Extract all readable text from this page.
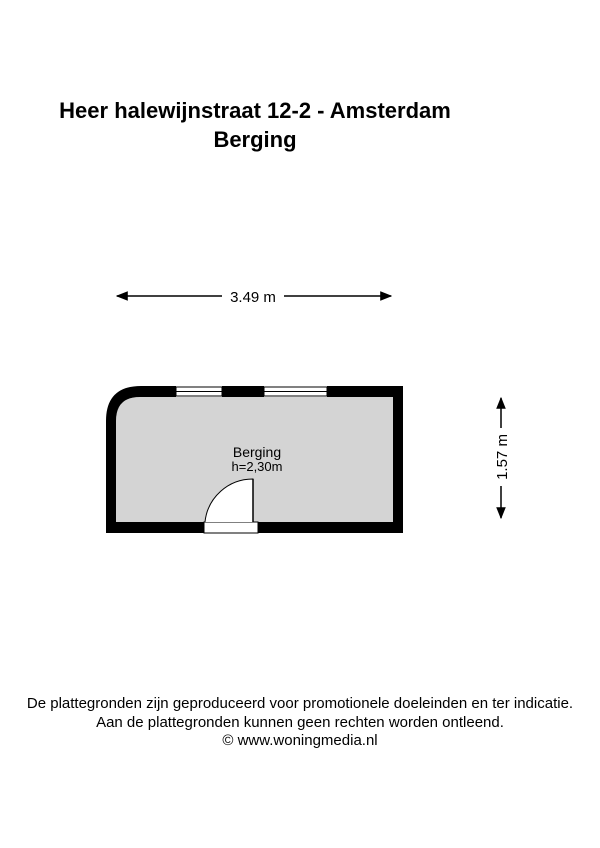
Heer halewijnstraat 12-2 - Amsterdam
Berging
3.49 m
1.57 m
Berging
h=2,30m
De plattegronden zijn geproduceerd voor promotionele doeleinden en ter indicatie.
Aan de plattegronden kunnen geen rechten worden ontleend.
© www.woningmedia.nl
